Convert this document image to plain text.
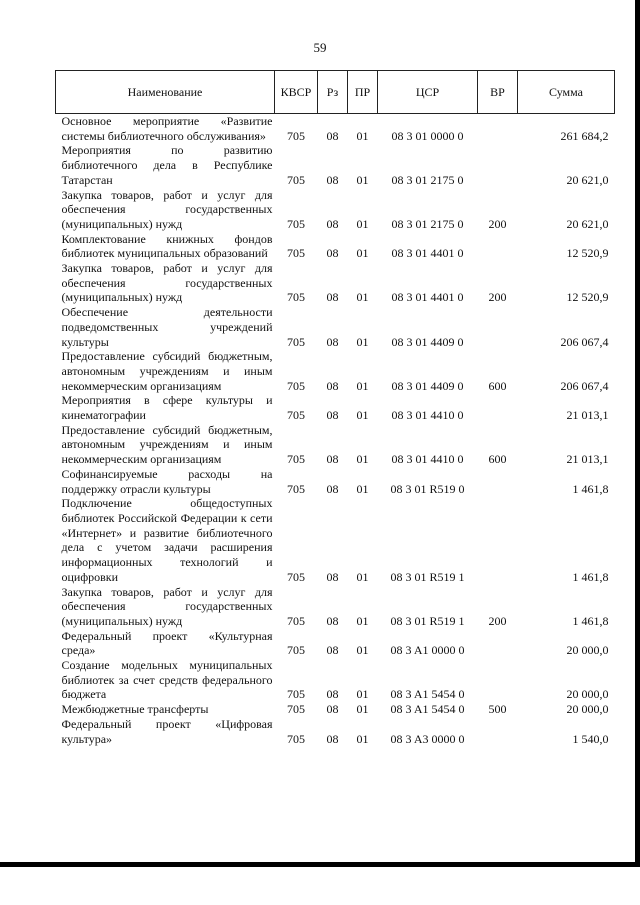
59
Наименование	КВСР	Рз	ПР	ЦСР	ВР	Сумма
Основное мероприятие «Развитие системы библиотечного обслуживания»	705	08	01	08 3 01 0000 0		261 684,2
Мероприятия по развитию библиотечного дела в Республике Татарстан	705	08	01	08 3 01 2175 0		20 621,0
Закупка товаров, работ и услуг для обеспечения государственных (муниципальных) нужд	705	08	01	08 3 01 2175 0	200	20 621,0
Комплектование книжных фондов библиотек муниципальных образований	705	08	01	08 3 01 4401 0		12 520,9
Закупка товаров, работ и услуг для обеспечения государственных (муниципальных) нужд	705	08	01	08 3 01 4401 0	200	12 520,9
Обеспечение деятельности подведомственных учреждений культуры	705	08	01	08 3 01 4409 0		206 067,4
Предоставление субсидий бюджетным, автономным учреждениям и иным некоммерческим организациям	705	08	01	08 3 01 4409 0	600	206 067,4
Мероприятия в сфере культуры и кинематографии	705	08	01	08 3 01 4410 0		21 013,1
Предоставление субсидий бюджетным, автономным учреждениям и иным некоммерческим организациям	705	08	01	08 3 01 4410 0	600	21 013,1
Софинансируемые расходы на поддержку отрасли культуры	705	08	01	08 3 01 R519 0		1 461,8
Подключение общедоступных библиотек Российской Федерации к сети «Интернет» и развитие библиотечного дела с учетом задачи расширения информационных технологий и оцифровки	705	08	01	08 3 01 R519 1		1 461,8
Закупка товаров, работ и услуг для обеспечения государственных (муниципальных) нужд	705	08	01	08 3 01 R519 1	200	1 461,8
Федеральный проект «Культурная среда»	705	08	01	08 3 A1 0000 0		20 000,0
Создание модельных муниципальных библиотек за счет средств федерального бюджета	705	08	01	08 3 A1 5454 0		20 000,0
Межбюджетные трансферты	705	08	01	08 3 A1 5454 0	500	20 000,0
Федеральный проект «Цифровая культура»	705	08	01	08 3 A3 0000 0		1 540,0
